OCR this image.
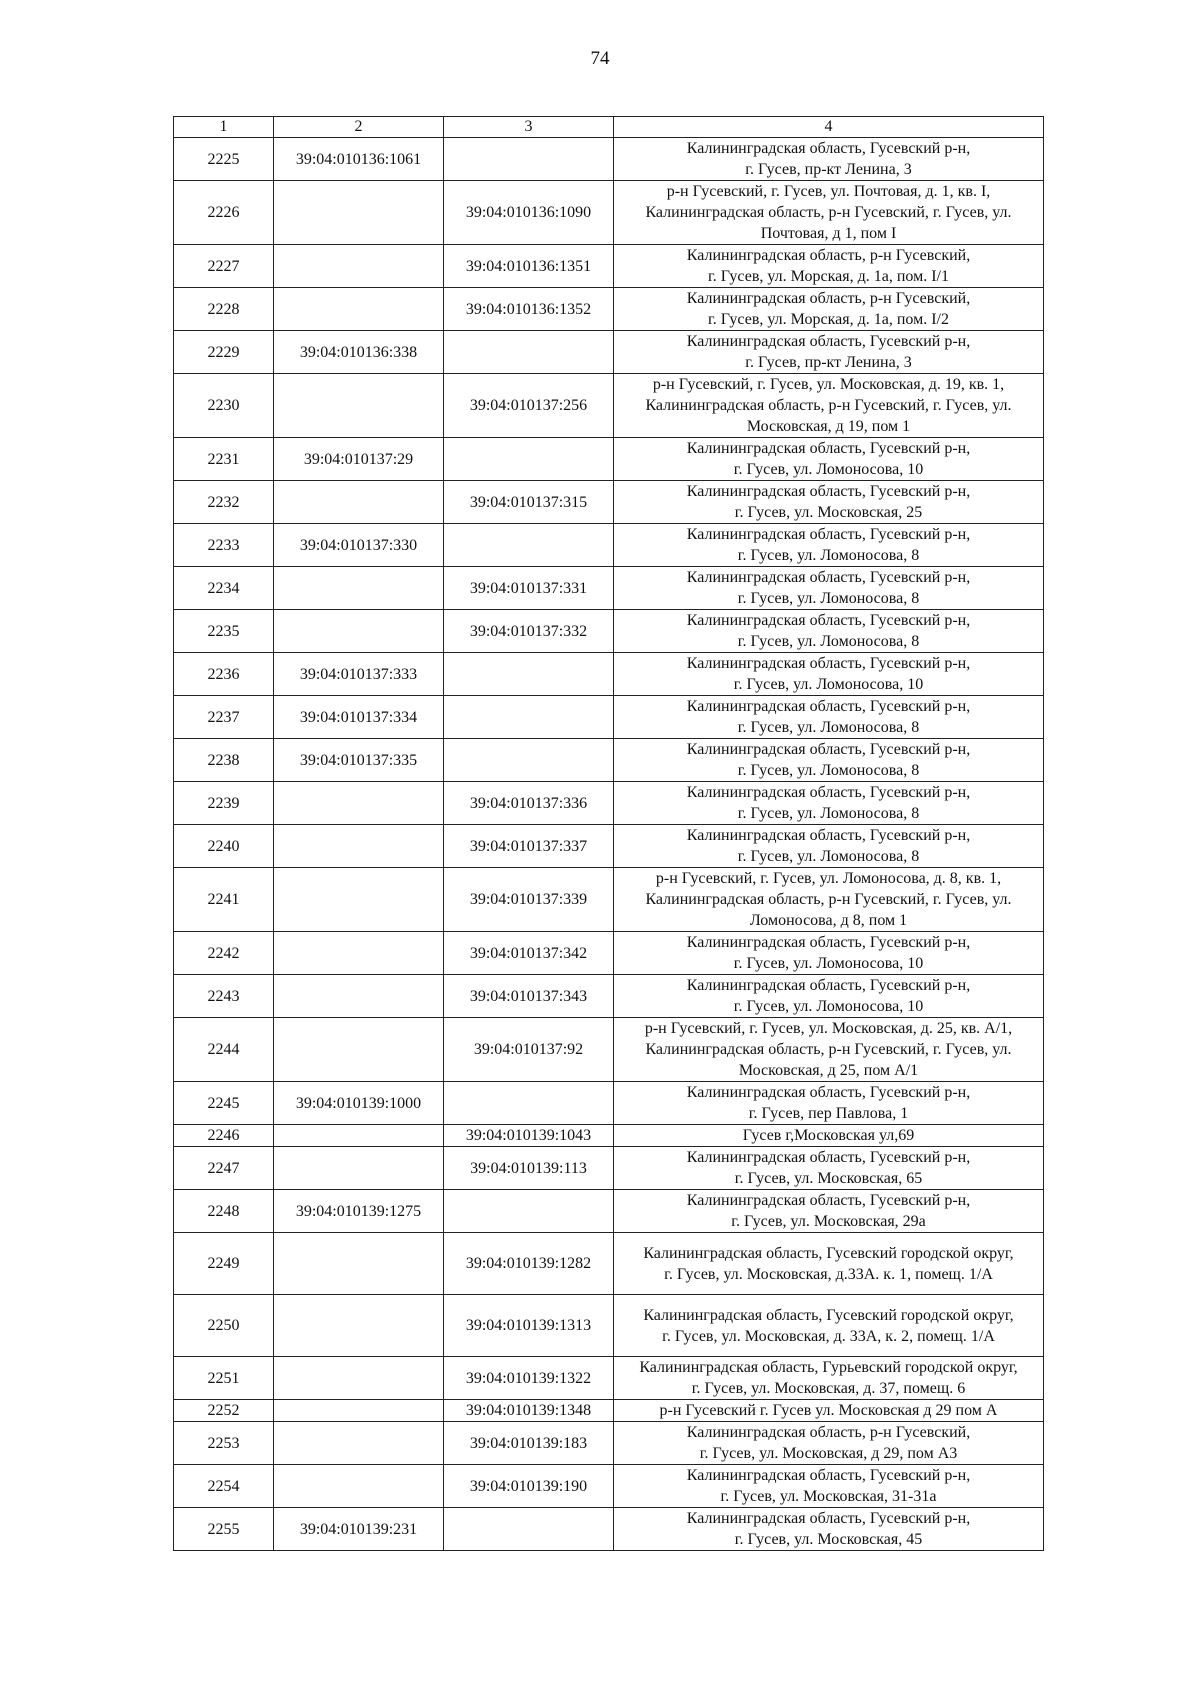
74
1	2	3	4
2225	39:04:010136:1061		Калининградская область, Гусевский р-н,
г. Гусев, пр-кт Ленина, 3
2226		39:04:010136:1090	р-н Гусевский, г. Гусев, ул. Почтовая, д. 1, кв. I,
Калининградская область, р-н Гусевский, г. Гусев, ул.
Почтовая, д 1, пом I
2227		39:04:010136:1351	Калининградская область, р-н Гусевский,
г. Гусев, ул. Морская, д. 1а, пом. I/1
2228		39:04:010136:1352	Калининградская область, р-н Гусевский,
г. Гусев, ул. Морская, д. 1а, пом. I/2
2229	39:04:010136:338		Калининградская область, Гусевский р-н,
г. Гусев, пр-кт Ленина, 3
2230		39:04:010137:256	р-н Гусевский, г. Гусев, ул. Московская, д. 19, кв. 1,
Калининградская область, р-н Гусевский, г. Гусев, ул.
Московская, д 19, пом 1
2231	39:04:010137:29		Калининградская область, Гусевский р-н,
г. Гусев, ул. Ломоносова, 10
2232		39:04:010137:315	Калининградская область, Гусевский р-н,
г. Гусев, ул. Московская, 25
2233	39:04:010137:330		Калининградская область, Гусевский р-н,
г. Гусев, ул. Ломоносова, 8
2234		39:04:010137:331	Калининградская область, Гусевский р-н,
г. Гусев, ул. Ломоносова, 8
2235		39:04:010137:332	Калининградская область, Гусевский р-н,
г. Гусев, ул. Ломоносова, 8
2236	39:04:010137:333		Калининградская область, Гусевский р-н,
г. Гусев, ул. Ломоносова, 10
2237	39:04:010137:334		Калининградская область, Гусевский р-н,
г. Гусев, ул. Ломоносова, 8
2238	39:04:010137:335		Калининградская область, Гусевский р-н,
г. Гусев, ул. Ломоносова, 8
2239		39:04:010137:336	Калининградская область, Гусевский р-н,
г. Гусев, ул. Ломоносова, 8
2240		39:04:010137:337	Калининградская область, Гусевский р-н,
г. Гусев, ул. Ломоносова, 8
2241		39:04:010137:339	р-н Гусевский, г. Гусев, ул. Ломоносова, д. 8, кв. 1,
Калининградская область, р-н Гусевский, г. Гусев, ул.
Ломоносова, д 8, пом 1
2242		39:04:010137:342	Калининградская область, Гусевский р-н,
г. Гусев, ул. Ломоносова, 10
2243		39:04:010137:343	Калининградская область, Гусевский р-н,
г. Гусев, ул. Ломоносова, 10
2244		39:04:010137:92	р-н Гусевский, г. Гусев, ул. Московская, д. 25, кв. А/1,
Калининградская область, р-н Гусевский, г. Гусев, ул.
Московская, д 25, пом А/1
2245	39:04:010139:1000		Калининградская область, Гусевский р-н,
г. Гусев, пер Павлова, 1
2246		39:04:010139:1043	Гусев г,Московская ул,69
2247		39:04:010139:113	Калининградская область, Гусевский р-н,
г. Гусев, ул. Московская, 65
2248	39:04:010139:1275		Калининградская область, Гусевский р-н,
г. Гусев, ул. Московская, 29а
2249		39:04:010139:1282	Калининградская область, Гусевский городской округ,
г. Гусев, ул. Московская, д.33А. к. 1, помещ. 1/А
2250		39:04:010139:1313	Калининградская область, Гусевский городской округ,
г. Гусев, ул. Московская, д. 33А, к. 2, помещ. 1/А
2251		39:04:010139:1322	Калининградская область, Гурьевский городской округ,
г. Гусев, ул. Московская, д. 37, помещ. 6
2252		39:04:010139:1348	р-н Гусевский г. Гусев ул. Московская д 29 пом А
2253		39:04:010139:183	Калининградская область, р-н Гусевский,
г. Гусев, ул. Московская, д 29, пом А3
2254		39:04:010139:190	Калининградская область, Гусевский р-н,
г. Гусев, ул. Московская, 31-31а
2255	39:04:010139:231		Калининградская область, Гусевский р-н,
г. Гусев, ул. Московская, 45
